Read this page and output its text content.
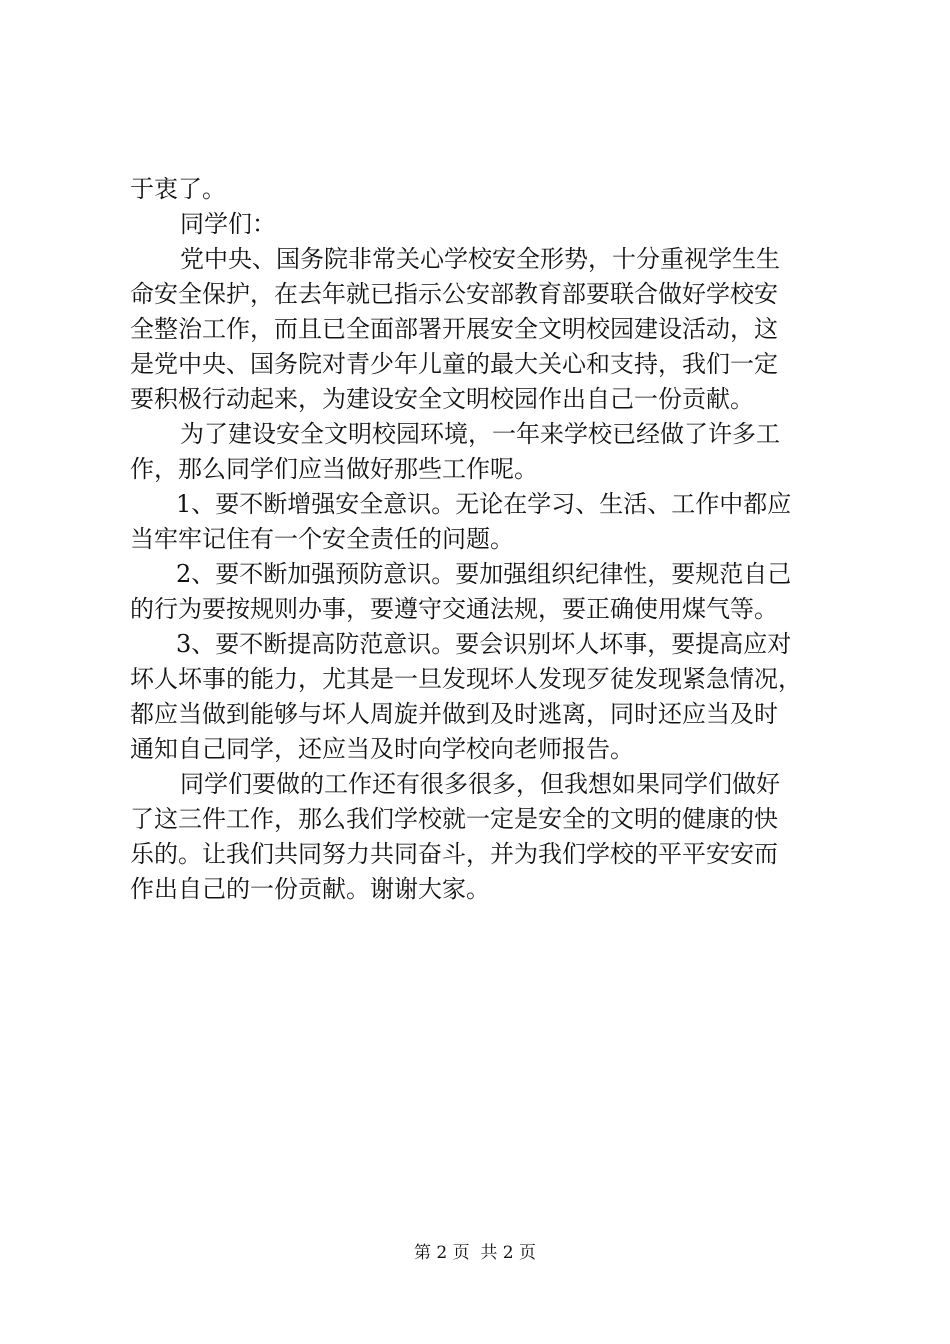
于衷了。
同学们：
党中央、国务院非常关心学校安全形势，十分重视学生生
命安全保护，在去年就已指示公安部教育部要联合做好学校安
全整治工作，而且已全面部署开展安全文明校园建设活动，这
是党中央、国务院对青少年儿童的最大关心和支持，我们一定
要积极行动起来，为建设安全文明校园作出自己一份贡献。
为了建设安全文明校园环境，一年来学校已经做了许多工
作，那么同学们应当做好那些工作呢。
1、要不断增强安全意识。无论在学习、生活、工作中都应
当牢牢记住有一个安全责任的问题。
2、要不断加强预防意识。要加强组织纪律性，要规范自己
的行为要按规则办事，要遵守交通法规，要正确使用煤气等。
3、要不断提高防范意识。要会识别坏人坏事，要提高应对
坏人坏事的能力，尤其是一旦发现坏人发现歹徒发现紧急情况，
都应当做到能够与坏人周旋并做到及时逃离，同时还应当及时
通知自己同学，还应当及时向学校向老师报告。
同学们要做的工作还有很多很多，但我想如果同学们做好
了这三件工作，那么我们学校就一定是安全的文明的健康的快
乐的。让我们共同努力共同奋斗，并为我们学校的平平安安而
作出自己的一份贡献。谢谢大家。
第 2 页  共 2 页
